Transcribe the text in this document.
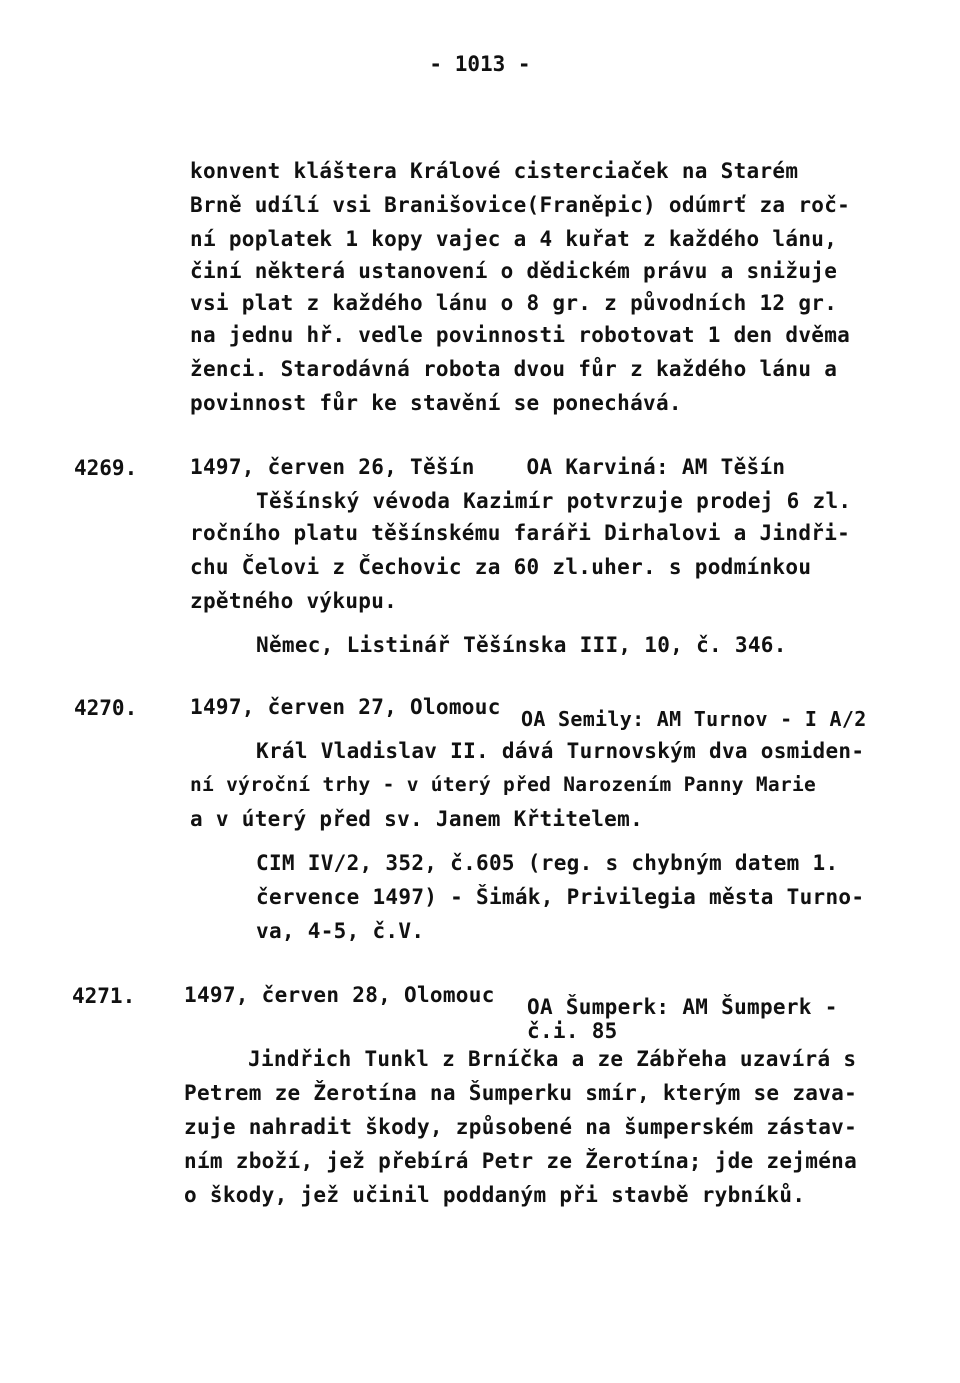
- 1013 -
konvent kláštera Králové cisterciaček na Starém
Brně udílí vsi Branišovice(Franěpic) odúmrť za roč-
ní poplatek 1 kopy vajec a 4 kuřat z každého lánu,
činí některá ustanovení o dědickém právu a snižuje
vsi plat z každého lánu o 8 gr. z původních 12 gr.
na jednu hř. vedle povinnosti robotovat 1 den dvěma
ženci. Starodávná robota dvou fůr z každého lánu a
povinnost fůr ke stavění se ponechává.
4269.	1497, červen 26, Těšín    OA Karviná: AM Těšín
Těšínský vévoda Kazimír potvrzuje prodej 6 zl.
ročního platu těšínskému faráři Dirhalovi a Jindři-
chu Čelovi z Čechovic za 60 zl.uher. s podmínkou
zpětného výkupu.
Němec, Listinář Těšínska III, 10, č. 346.
4270.	1497, červen 27, Olomouc OA Semily: AM Turnov - I A/2
Král Vladislav II. dává Turnovským dva osmiden-
ní výroční trhy - v úterý před Narozením Panny Marie
a v úterý před sv. Janem Křtitelem.
CIM IV/2, 352, č.605 (reg. s chybným datem 1.
července 1497) - Šimák, Privilegia města Turno-
va, 4-5, č.V.
4271. 1497, červen 28, Olomouc OA Šumperk: AM Šumperk -
č.i. 85
Jindřich Tunkl z Brníčka a ze Zábřeha uzavírá s
Petrem ze Žerotína na Šumperku smír, kterým se zava-
zuje nahradit škody, způsobené na šumperském zástav-
ním zboží, jež přebírá Petr ze Žerotína; jde zejména
o škody, jež učinil poddaným při stavbě rybníků.
